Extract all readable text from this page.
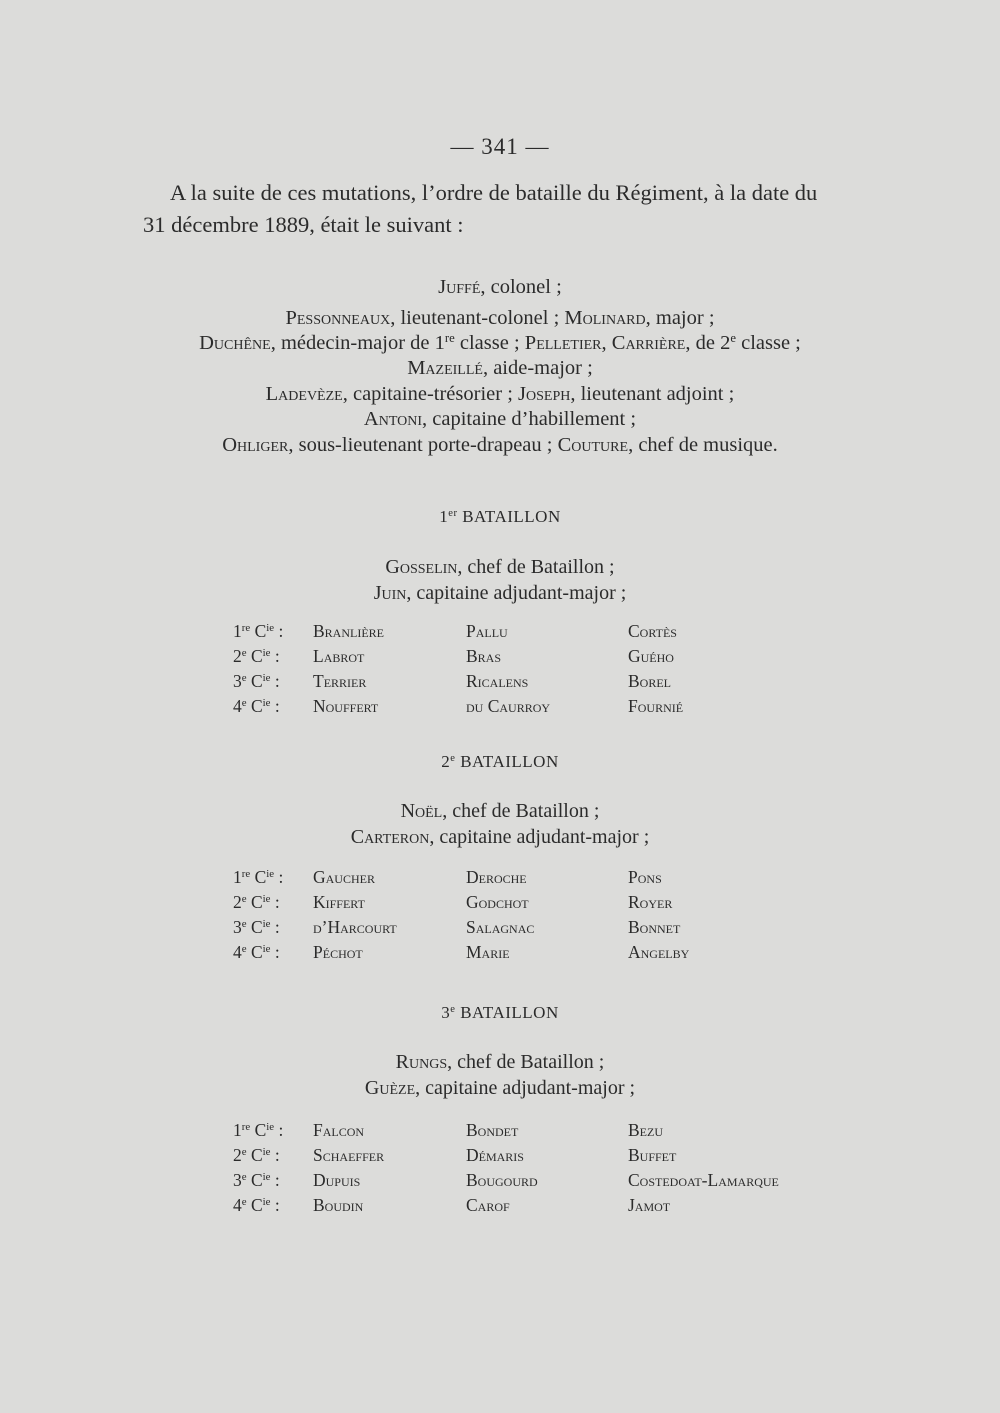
— 341 —
A la suite de ces mutations, l’ordre de bataille du Régiment, à la date du
31 décembre 1889, était le suivant :
Juffé, colonel ;
Pessonneaux, lieutenant-colonel ; Molinard, major ;
Duchêne, médecin-major de 1re classe ; Pelletier, Carrière, de 2e classe ;
Mazeillé, aide-major ;
Ladevèze, capitaine-trésorier ; Joseph, lieutenant adjoint ;
Antoni, capitaine d’habillement ;
Ohliger, sous-lieutenant porte-drapeau ; Couture, chef de musique.
1er BATAILLON
Gosselin, chef de Bataillon ;
Juin, capitaine adjudant-major ;
1re $C^{ie}$ : Branlière	Pallu	Cortès
2e $C^{ie}$ : Labrot	Bras	Guého
3e $C^{ie}$ : Terrier	Ricalens	Borel
4e $C^{ie}$ : Nouffert	du Caurroy	Fournié
2e BATAILLON
Noël, chef de Bataillon ;
Carteron, capitaine adjudant-major ;
1re $C^{ie}$ : Gaucher	Deroche	Pons
2e $C^{ie}$ : Kiffert	Godchot	Royer
3e $C^{ie}$ : d’Harcourt	Salagnac	Bonnet
4e $C^{ie}$ : Péchot	Marie	Angelby
3e BATAILLON
Rungs, chef de Bataillon ;
Guèze, capitaine adjudant-major ;
1re $C^{ie}$ : Falcon	Bondet	Bezu
2e $C^{ie}$ : Schaeffer	Démaris	Buffet
3e $C^{ie}$ : Dupuis	Bougourd	Costedoat-Lamarque
4e $C^{ie}$ : Boudin	Carof	Jamot
